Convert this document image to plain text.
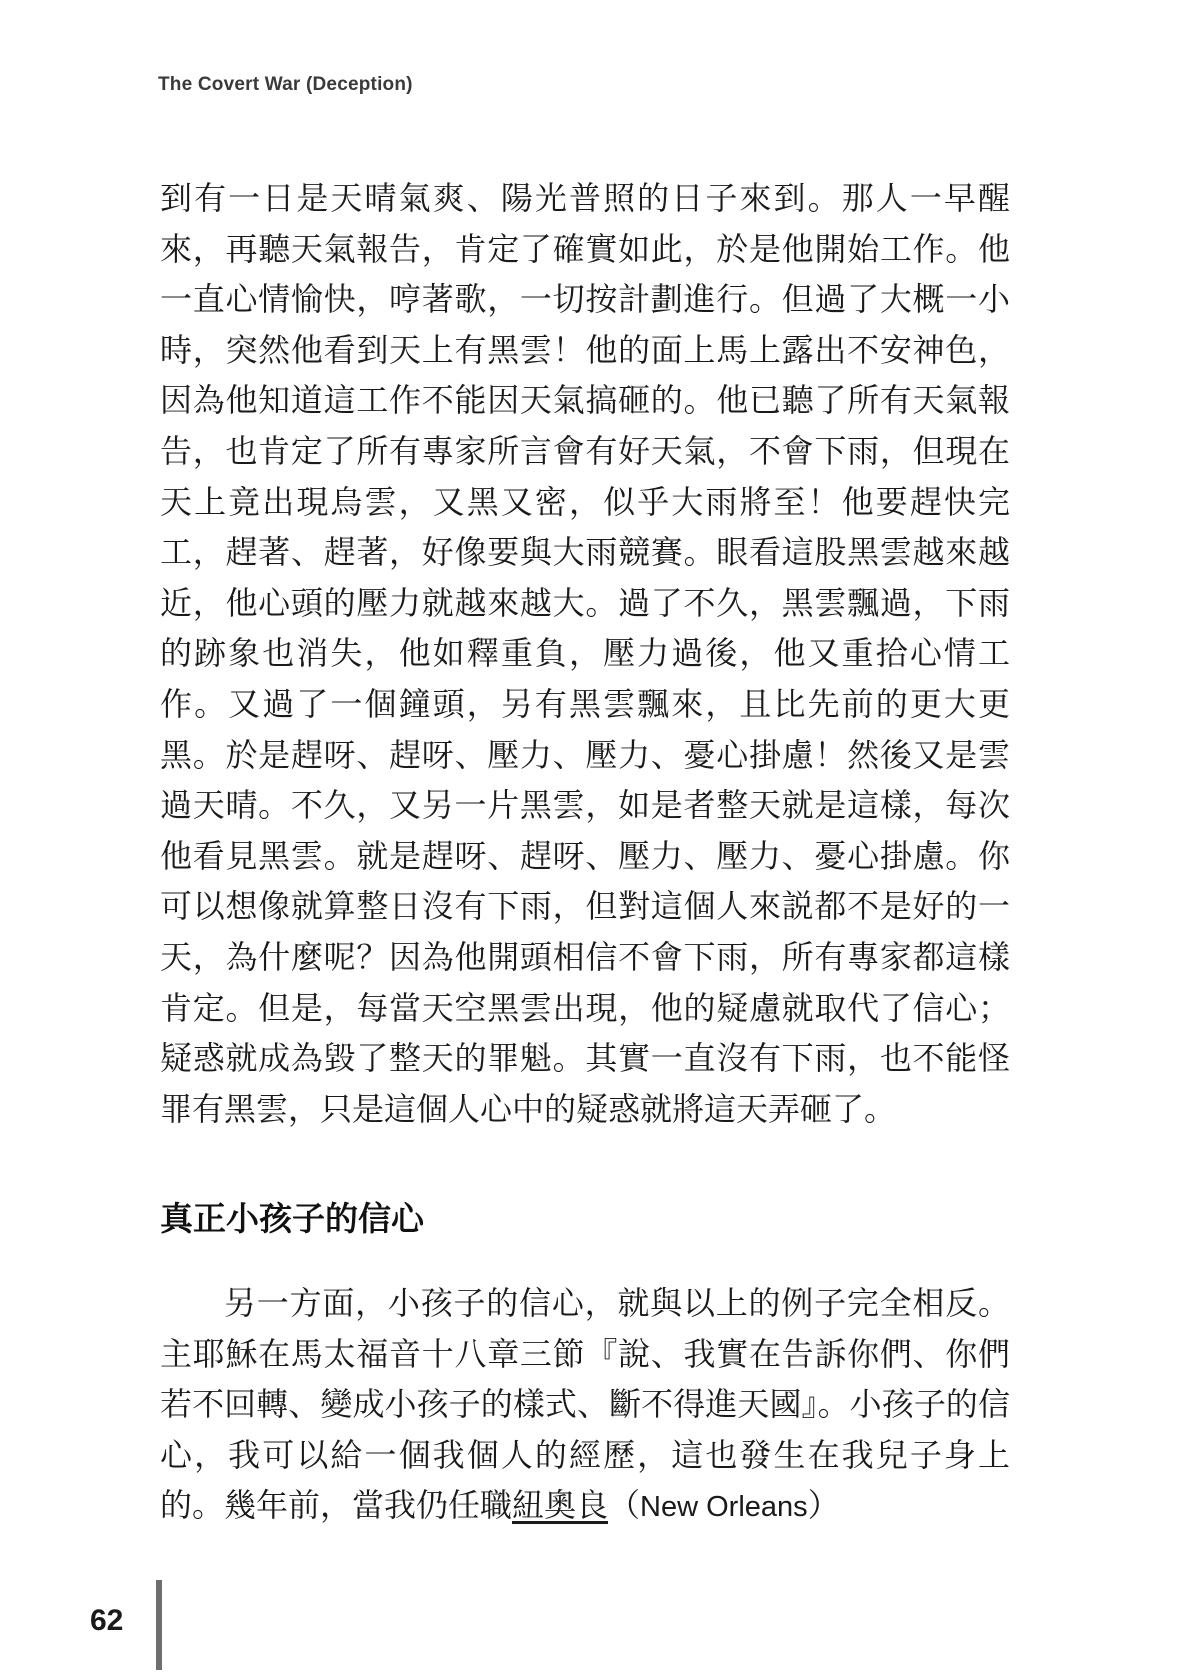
The Covert War (Deception)

到有一日是天晴氣爽、陽光普照的日子來到。那人一早醒來，再聽天氣報告，肯定了確實如此，於是他開始工作。他一直心情愉快，哼著歌，一切按計劃進行。但過了大概一小時，突然他看到天上有黑雲！他的面上馬上露出不安神色，因為他知道這工作不能因天氣搞砸的。他已聽了所有天氣報告，也肯定了所有專家所言會有好天氣，不會下雨，但現在天上竟出現烏雲，又黑又密，似乎大雨將至！他要趕快完工，趕著、趕著，好像要與大雨競賽。眼看這股黑雲越來越近，他心頭的壓力就越來越大。過了不久，黑雲飄過，下雨的跡象也消失，他如釋重負，壓力過後，他又重拾心情工作。又過了一個鐘頭，另有黑雲飄來，且比先前的更大更黑。於是趕呀、趕呀、壓力、壓力、憂心掛慮！然後又是雲過天晴。不久，又另一片黑雲，如是者整天就是這樣，每次他看見黑雲。就是趕呀、趕呀、壓力、壓力、憂心掛慮。你可以想像就算整日沒有下雨，但對這個人來説都不是好的一天，為什麼呢？因為他開頭相信不會下雨，所有專家都這樣肯定。但是，每當天空黑雲出現，他的疑慮就取代了信心；疑惑就成為毀了整天的罪魁。其實一直沒有下雨，也不能怪罪有黑雲，只是這個人心中的疑惑就將這天弄砸了。

真正小孩子的信心

另一方面，小孩子的信心，就與以上的例子完全相反。主耶穌在馬太福音十八章三節『說、我實在告訴你們、你們若不回轉、變成小孩子的樣式、斷不得進天國』。小孩子的信心，我可以給一個我個人的經歷，這也發生在我兒子身上的。幾年前，當我仍任職紐奧良（New Orleans）

62
